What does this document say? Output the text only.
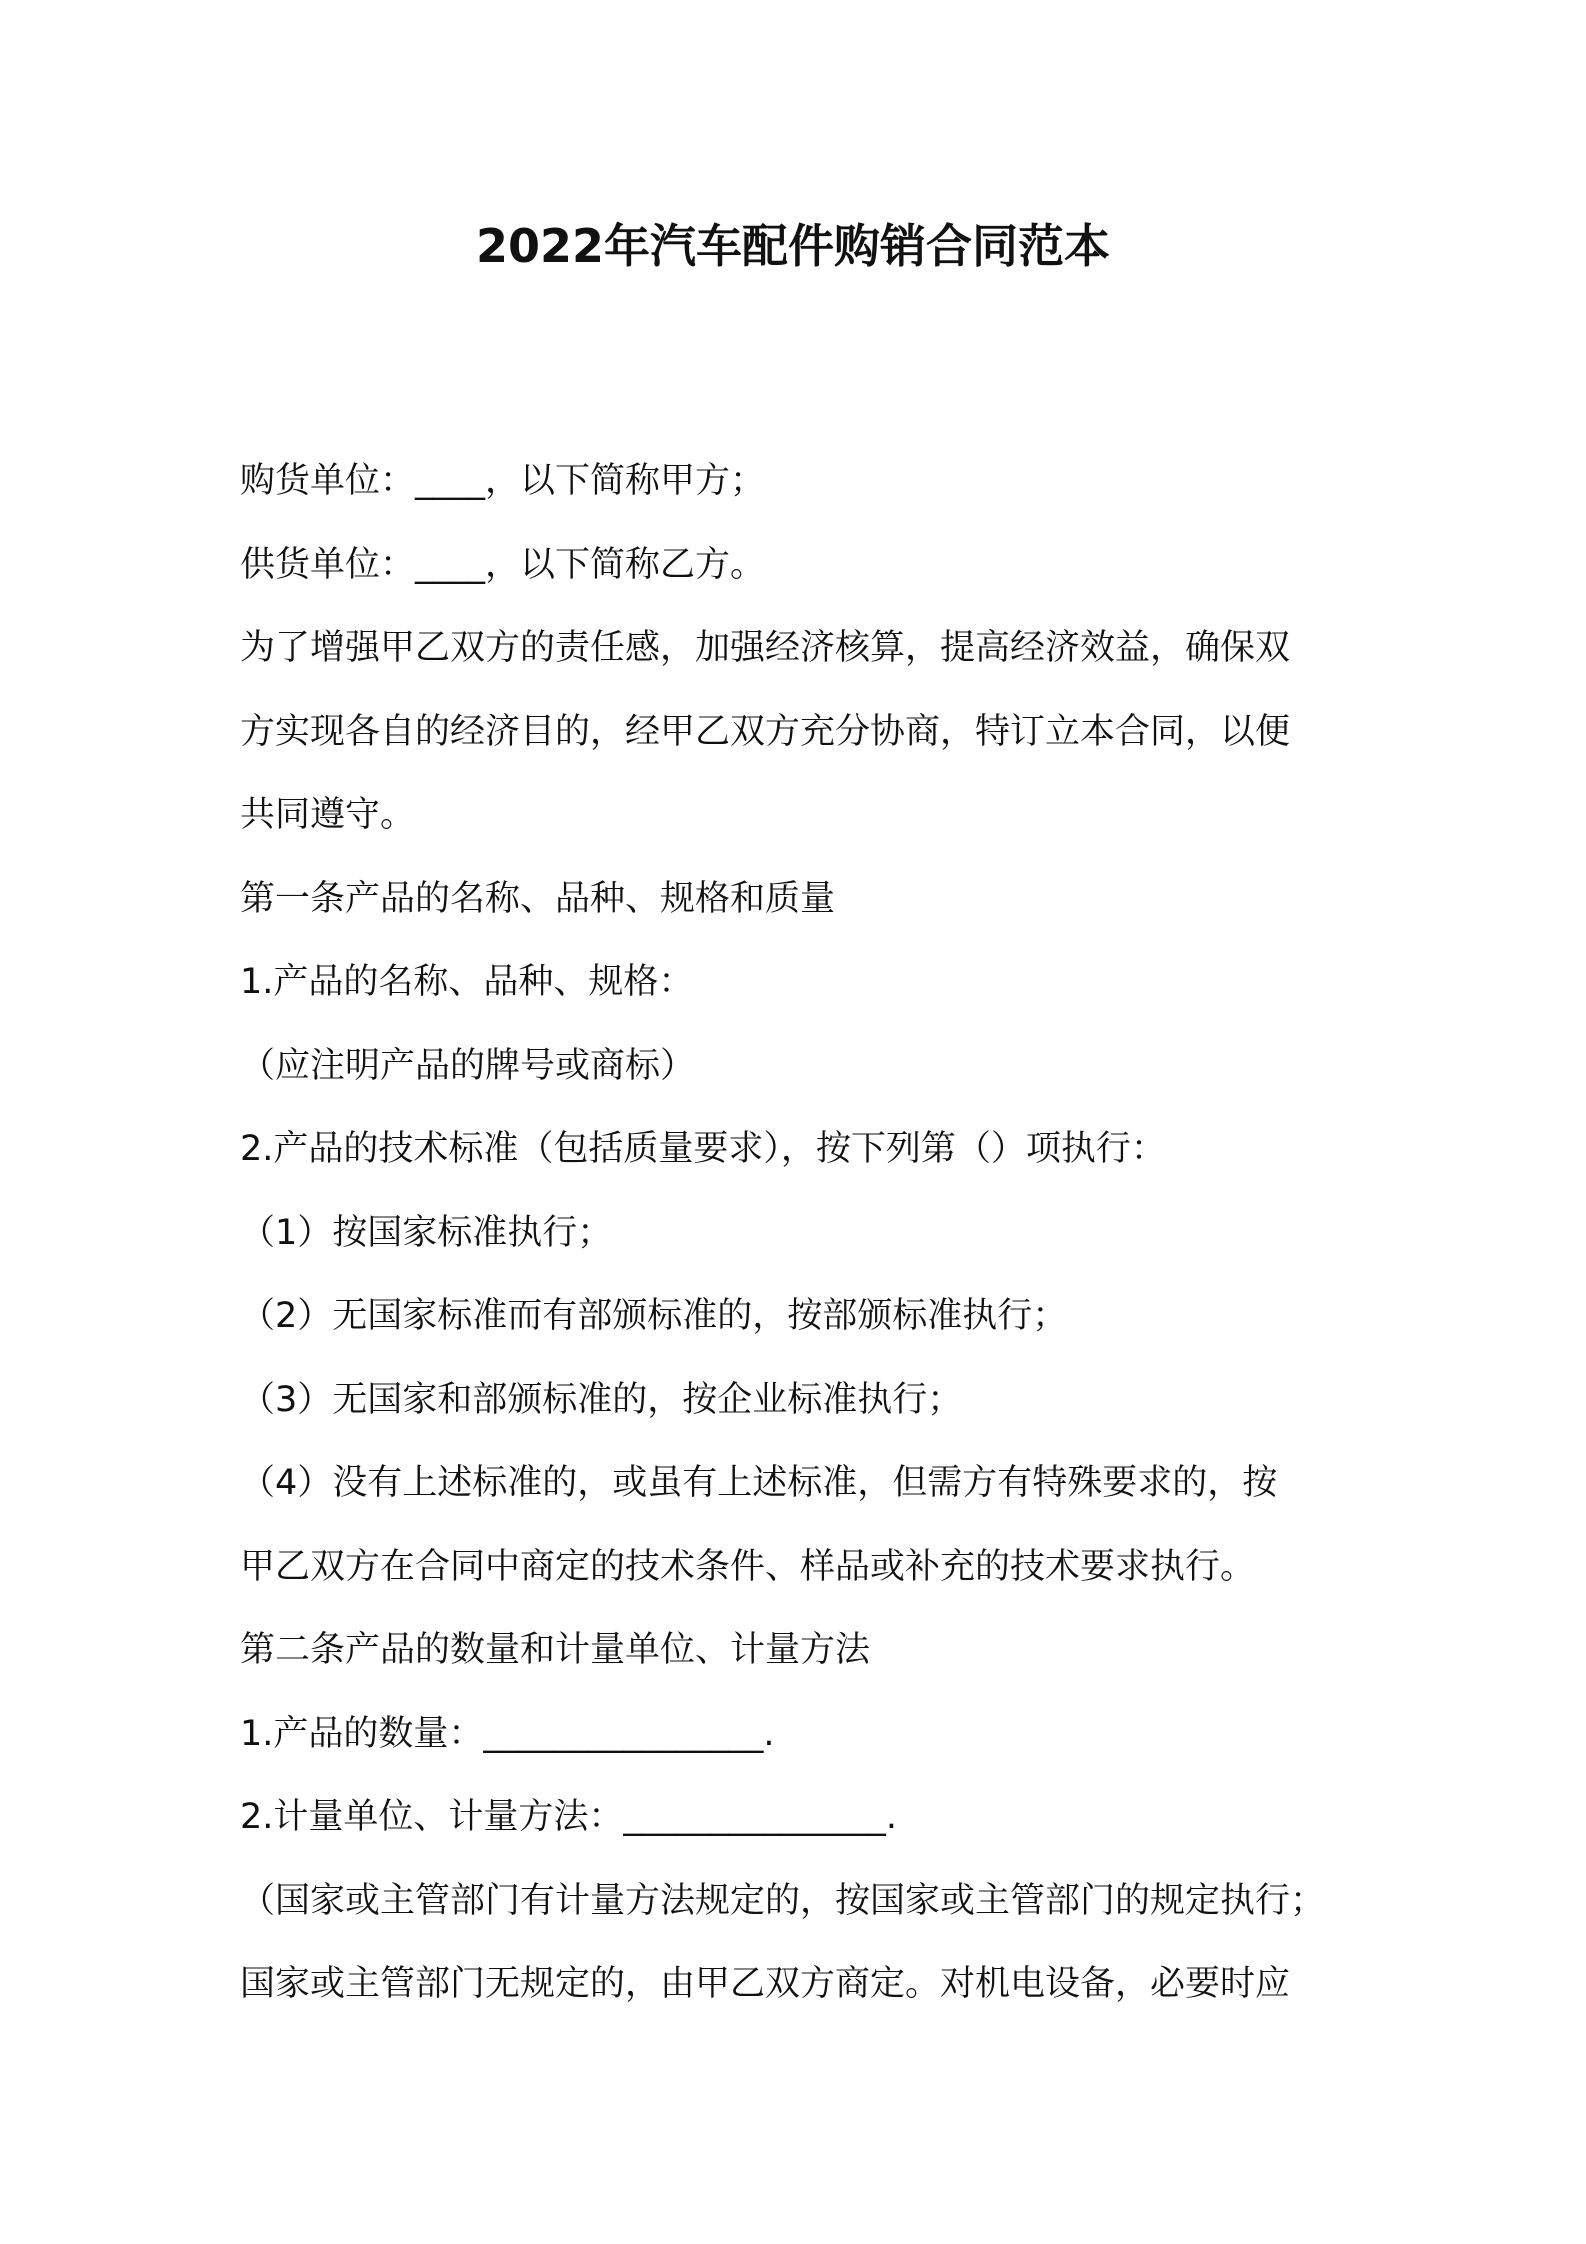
2022年汽车配件购销合同范本
购货单位：____，以下简称甲方；
供货单位：____，以下简称乙方。
为了增强甲乙双方的责任感，加强经济核算，提高经济效益，确保双
方实现各自的经济目的，经甲乙双方充分协商，特订立本合同，以便
共同遵守。
第一条产品的名称、品种、规格和质量
1.产品的名称、品种、规格：
（应注明产品的牌号或商标）
2.产品的技术标准（包括质量要求），按下列第（）项执行：
（1）按国家标准执行；
（2）无国家标准而有部颁标准的，按部颁标准执行；
（3）无国家和部颁标准的，按企业标准执行；
（4）没有上述标准的，或虽有上述标准，但需方有特殊要求的，按
甲乙双方在合同中商定的技术条件、样品或补充的技术要求执行。
第二条产品的数量和计量单位、计量方法
1.产品的数量：________________.
2.计量单位、计量方法：_______________.
（国家或主管部门有计量方法规定的，按国家或主管部门的规定执行；
国家或主管部门无规定的，由甲乙双方商定。对机电设备，必要时应
